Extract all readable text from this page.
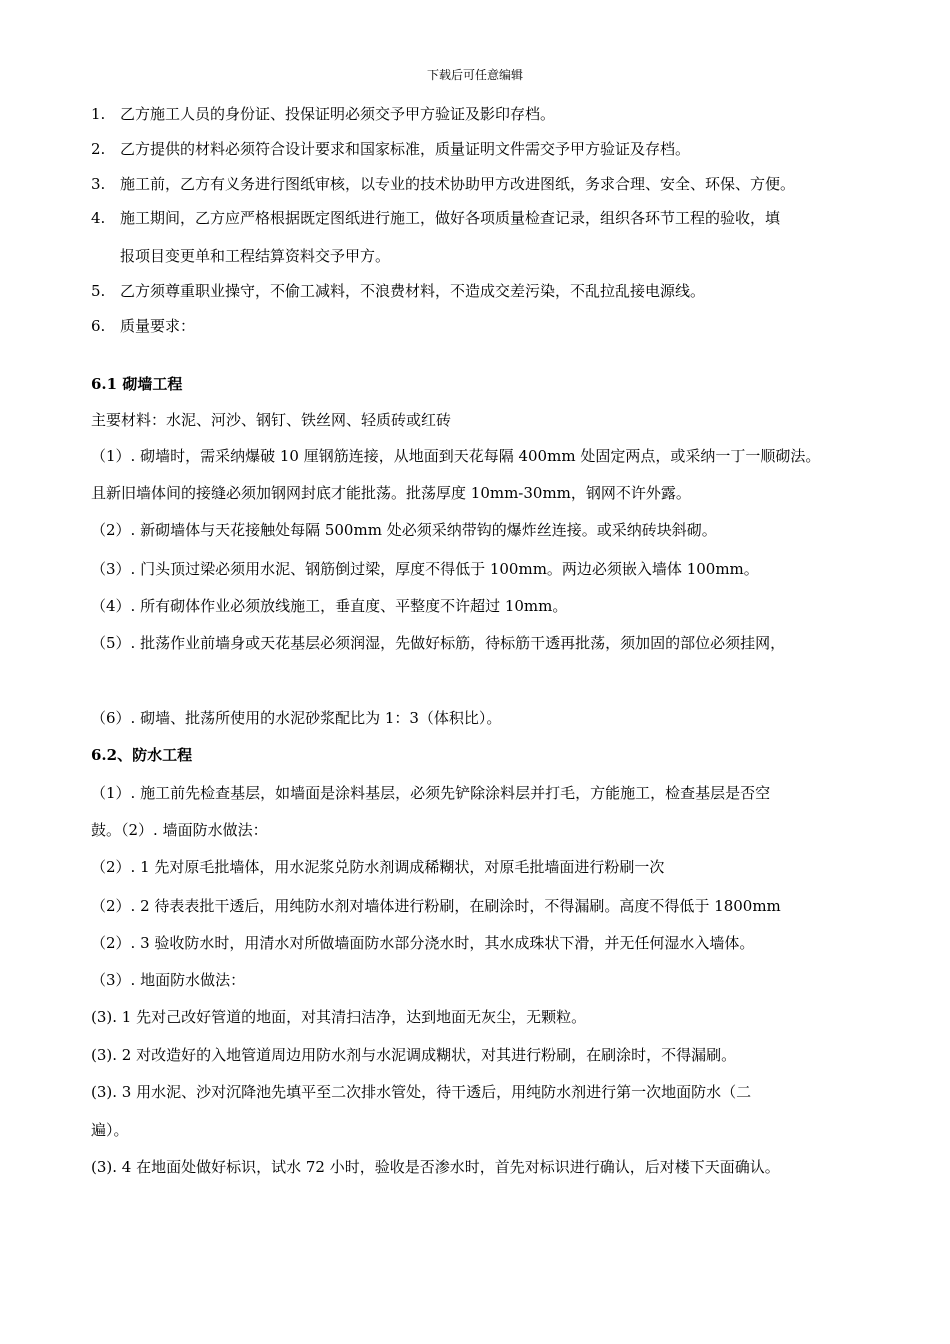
下载后可任意编辑
1. 乙方施工人员的身份证、投保证明必须交予甲方验证及影印存档。
2. 乙方提供的材料必须符合设计要求和国家标准，质量证明文件需交予甲方验证及存档。
3. 施工前，乙方有义务进行图纸审核，以专业的技术协助甲方改进图纸，务求合理、安全、环保、方便。
4. 施工期间，乙方应严格根据既定图纸进行施工，做好各项质量检查记录，组织各环节工程的验收，填
报项目变更单和工程结算资料交予甲方。
5. 乙方须尊重职业操守，不偷工减料，不浪费材料，不造成交差污染，不乱拉乱接电源线。
6. 质量要求：
6.1 砌墙工程
主要材料：水泥、河沙、钢钉、铁丝网、轻质砖或红砖
（1）. 砌墙时，需采纳爆破 10 厘钢筋连接，从地面到天花每隔 400mm 处固定两点，或采纳一丁一顺砌法。
且新旧墙体间的接缝必须加钢网封底才能批荡。批荡厚度 10mm-30mm，钢网不许外露。
（2）. 新砌墙体与天花接触处每隔 500mm 处必须采纳带钩的爆炸丝连接。或采纳砖块斜砌。
（3）. 门头顶过梁必须用水泥、钢筋倒过梁，厚度不得低于 100mm。两边必须嵌入墙体 100mm。
（4）. 所有砌体作业必须放线施工，垂直度、平整度不许超过 10mm。
（5）. 批荡作业前墙身或天花基层必须润湿，先做好标筋，待标筋干透再批荡，须加固的部位必须挂网，
（6）. 砌墙、批荡所使用的水泥砂浆配比为 1：3（体积比）。
6.2、防水工程
（1）. 施工前先检查基层，如墙面是涂料基层，必须先铲除涂料层并打毛，方能施工，检查基层是否空
鼓。（2）. 墙面防水做法：
（2）. 1 先对原毛批墙体，用水泥浆兑防水剂调成稀糊状，对原毛批墙面进行粉刷一次
（2）. 2 待表表批干透后，用纯防水剂对墙体进行粉刷，在刷涂时，不得漏刷。高度不得低于 1800mm
（2）. 3 验收防水时，用清水对所做墙面防水部分浇水时，其水成珠状下滑，并无任何湿水入墙体。
（3）. 地面防水做法：
(3). 1 先对己改好管道的地面，对其清扫洁净，达到地面无灰尘，无颗粒。
(3). 2 对改造好的入地管道周边用防水剂与水泥调成糊状，对其进行粉刷，在刷涂时，不得漏刷。
(3). 3 用水泥、沙对沉降池先填平至二次排水管处，待干透后，用纯防水剂进行第一次地面防水（二
遍）。
(3). 4 在地面处做好标识，试水 72 小时，验收是否渗水时，首先对标识进行确认，后对楼下天面确认。
